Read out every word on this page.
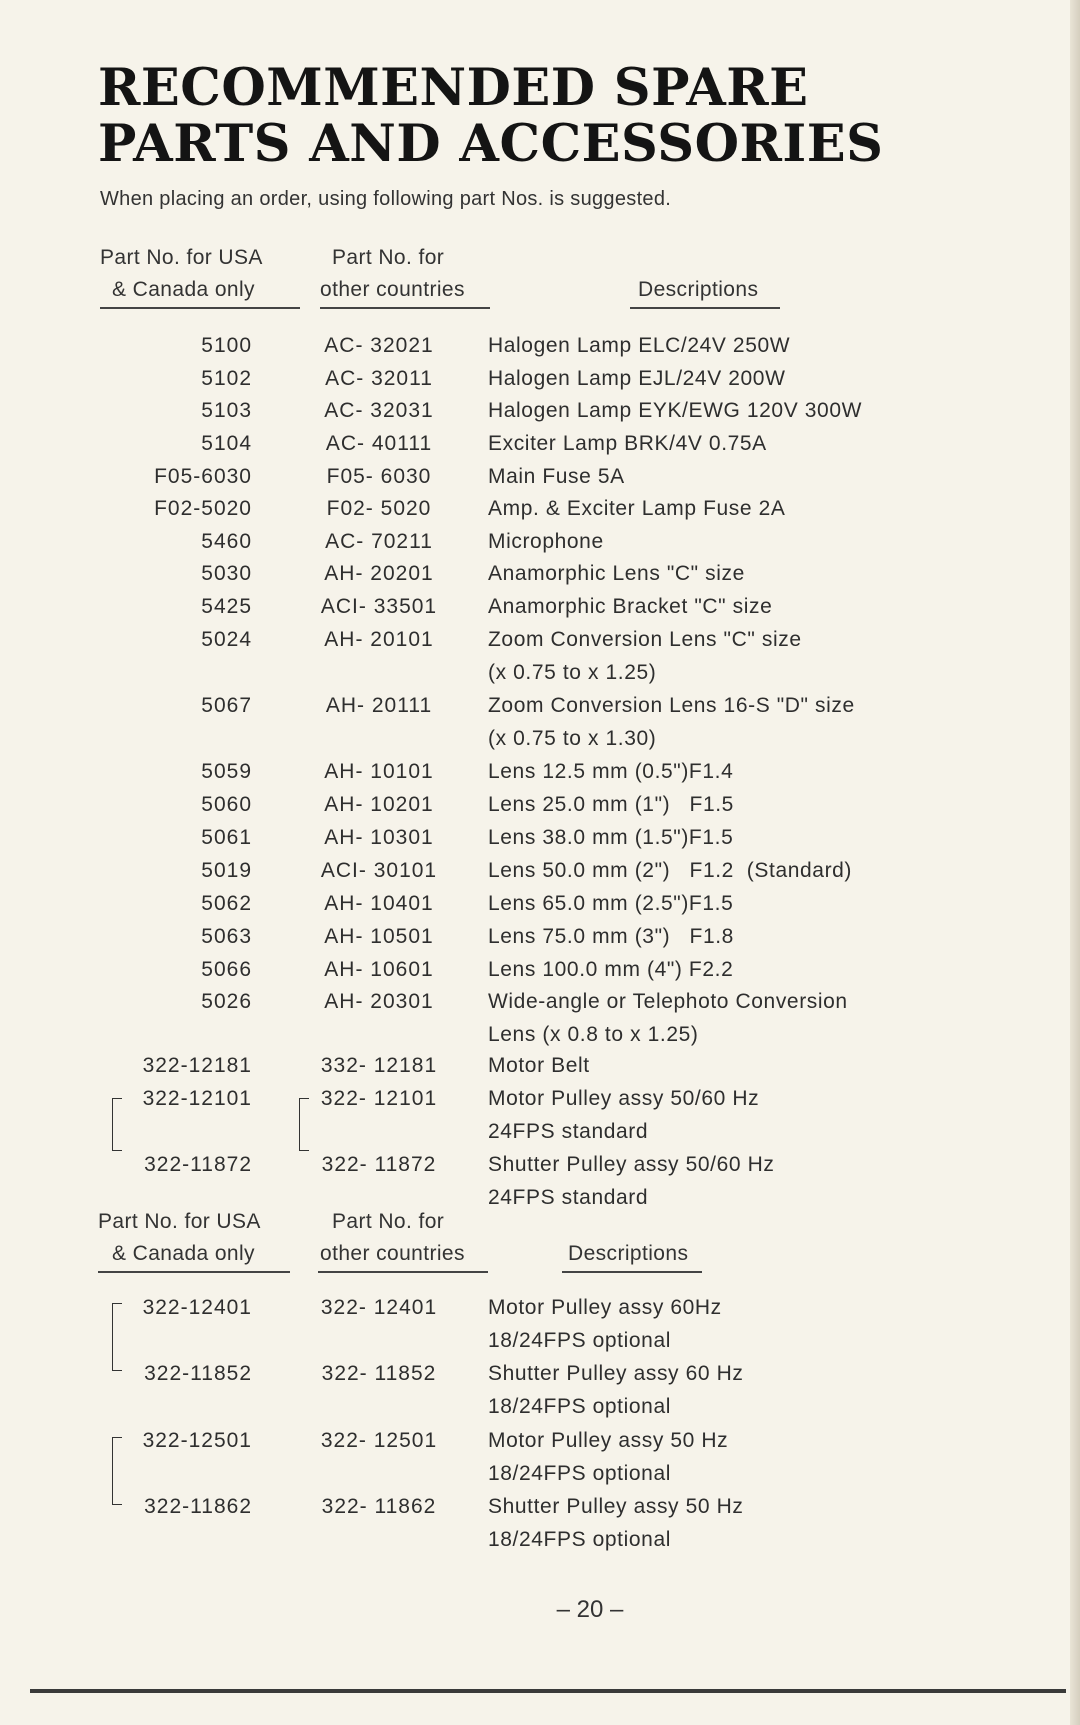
RECOMMENDED SPARE PARTS AND ACCESSORIES
When placing an order, using following part Nos. is suggested.
Part No. for USA
& Canada only
Part No. for
other countries	Descriptions
5100	AC- 32021	Halogen Lamp ELC/24V 250W
5102	AC- 32011	Halogen Lamp EJL/24V 200W
5103	AC- 32031	Halogen Lamp EYK/EWG 120V 300W
5104	AC- 40111	Exciter Lamp BRK/4V 0.75A
F05-6030	F05- 6030	Main Fuse 5A
F02-5020	F02- 5020	Amp. & Exciter Lamp Fuse 2A
5460	AC- 70211	Microphone
5030	AH- 20201	Anamorphic Lens "C" size
5425	ACI- 33501	Anamorphic Bracket "C" size
5024	AH- 20101	Zoom Conversion Lens "C" size
(x 0.75 to x 1.25)
5067	AH- 20111	Zoom Conversion Lens 16-S "D" size
(x 0.75 to x 1.30)
5059	AH- 10101	Lens 12.5 mm (0.5")F1.4
5060	AH- 10201	Lens 25.0 mm (1")   F1.5
5061	AH- 10301	Lens 38.0 mm (1.5")F1.5
5019	ACI- 30101	Lens 50.0 mm (2")   F1.2  (Standard)
5062	AH- 10401	Lens 65.0 mm (2.5")F1.5
5063	AH- 10501	Lens 75.0 mm (3")   F1.8
5066	AH- 10601	Lens 100.0 mm (4") F2.2
5026	AH- 20301	Wide-angle or Telephoto Conversion
Lens (x 0.8 to x 1.25)
322-12181	332- 12181	Motor Belt
322-12101	322- 12101	Motor Pulley assy 50/60 Hz
24FPS standard
322-11872	322- 11872	Shutter Pulley assy 50/60 Hz
24FPS standard
Part No. for USA
& Canada only
Part No. for
other countries	Descriptions
322-12401	322- 12401	Motor Pulley assy 60Hz
18/24FPS optional
322-11852	322- 11852	Shutter Pulley assy 60 Hz
18/24FPS optional
322-12501	322- 12501	Motor Pulley assy 50 Hz
18/24FPS optional
322-11862	322- 11862	Shutter Pulley assy 50 Hz
18/24FPS optional
– 20 –
